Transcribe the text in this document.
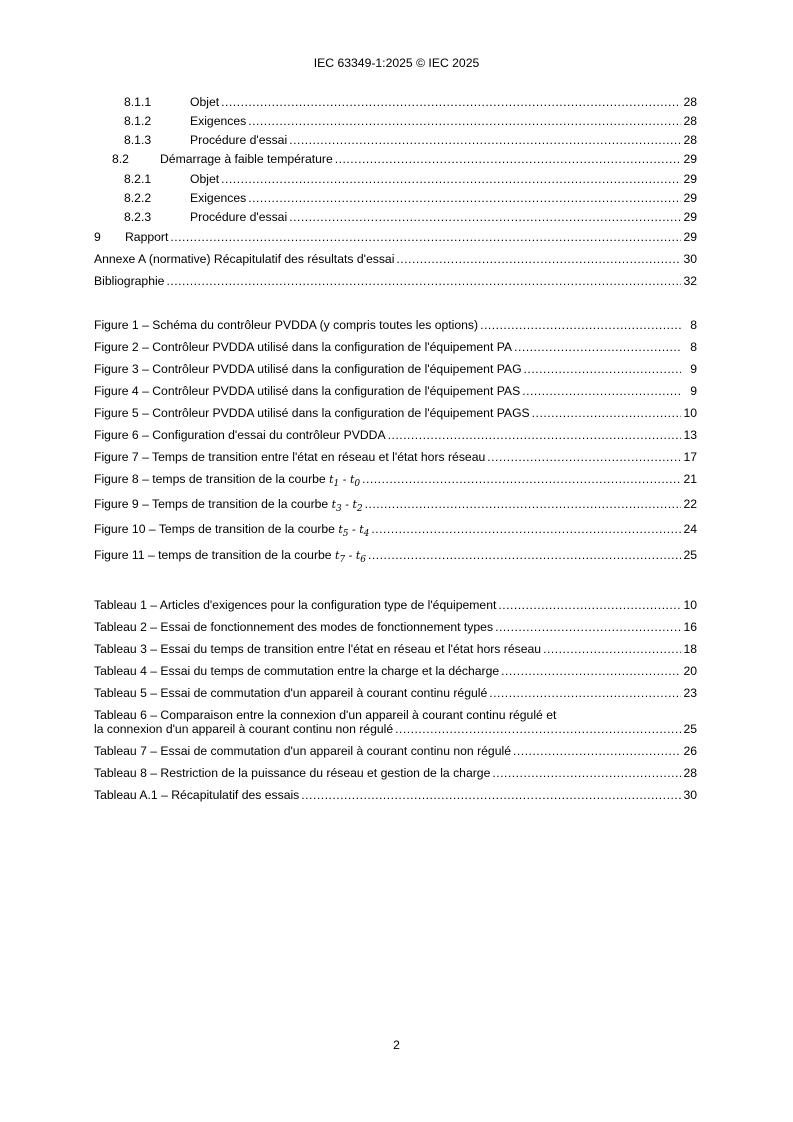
IEC 63349-1:2025 © IEC 2025
8.1.1	Objet .....	28
8.1.2	Exigences .....	28
8.1.3	Procédure d'essai .....	28
8.2	Démarrage à faible température .....	29
8.2.1	Objet .....	29
8.2.2	Exigences .....	29
8.2.3	Procédure d'essai .....	29
9	Rapport .....	29
Annexe A (normative) Récapitulatif des résultats d'essai .....	30
Bibliographie .....	32
Figure 1 – Schéma du contrôleur PVDDA (y compris toutes les options) .....	8
Figure 2 – Contrôleur PVDDA utilisé dans la configuration de l'équipement PA .....	8
Figure 3 – Contrôleur PVDDA utilisé dans la configuration de l'équipement PAG .....	9
Figure 4 – Contrôleur PVDDA utilisé dans la configuration de l'équipement PAS .....	9
Figure 5 – Contrôleur PVDDA utilisé dans la configuration de l'équipement PAGS .....	10
Figure 6 – Configuration d'essai du contrôleur PVDDA .....	13
Figure 7 – Temps de transition entre l'état en réseau et l'état hors réseau .....	17
Figure 8 – temps de transition de la courbe $t_1 - t_0$ .....	21
Figure 9 – Temps de transition de la courbe $t_3 - t_2$ .....	22
Figure 10 – Temps de transition de la courbe $t_5 - t_4$ .....	24
Figure 11 – temps de transition de la courbe $t_7 - t_6$ .....	25
Tableau 1 – Articles d'exigences pour la configuration type de l'équipement .....	10
Tableau 2 – Essai de fonctionnement des modes de fonctionnement types .....	16
Tableau 3 – Essai du temps de transition entre l'état en réseau et l'état hors réseau .....	18
Tableau 4 – Essai du temps de commutation entre la charge et la décharge .....	20
Tableau 5 – Essai de commutation d'un appareil à courant continu régulé .....	23
Tableau 6 – Comparaison entre la connexion d'un appareil à courant continu régulé et
la connexion d'un appareil à courant continu non régulé .....	25
Tableau 7 – Essai de commutation d'un appareil à courant continu non régulé .....	26
Tableau 8 – Restriction de la puissance du réseau et gestion de la charge .....	28
Tableau A.1 – Récapitulatif des essais .....	30
2
